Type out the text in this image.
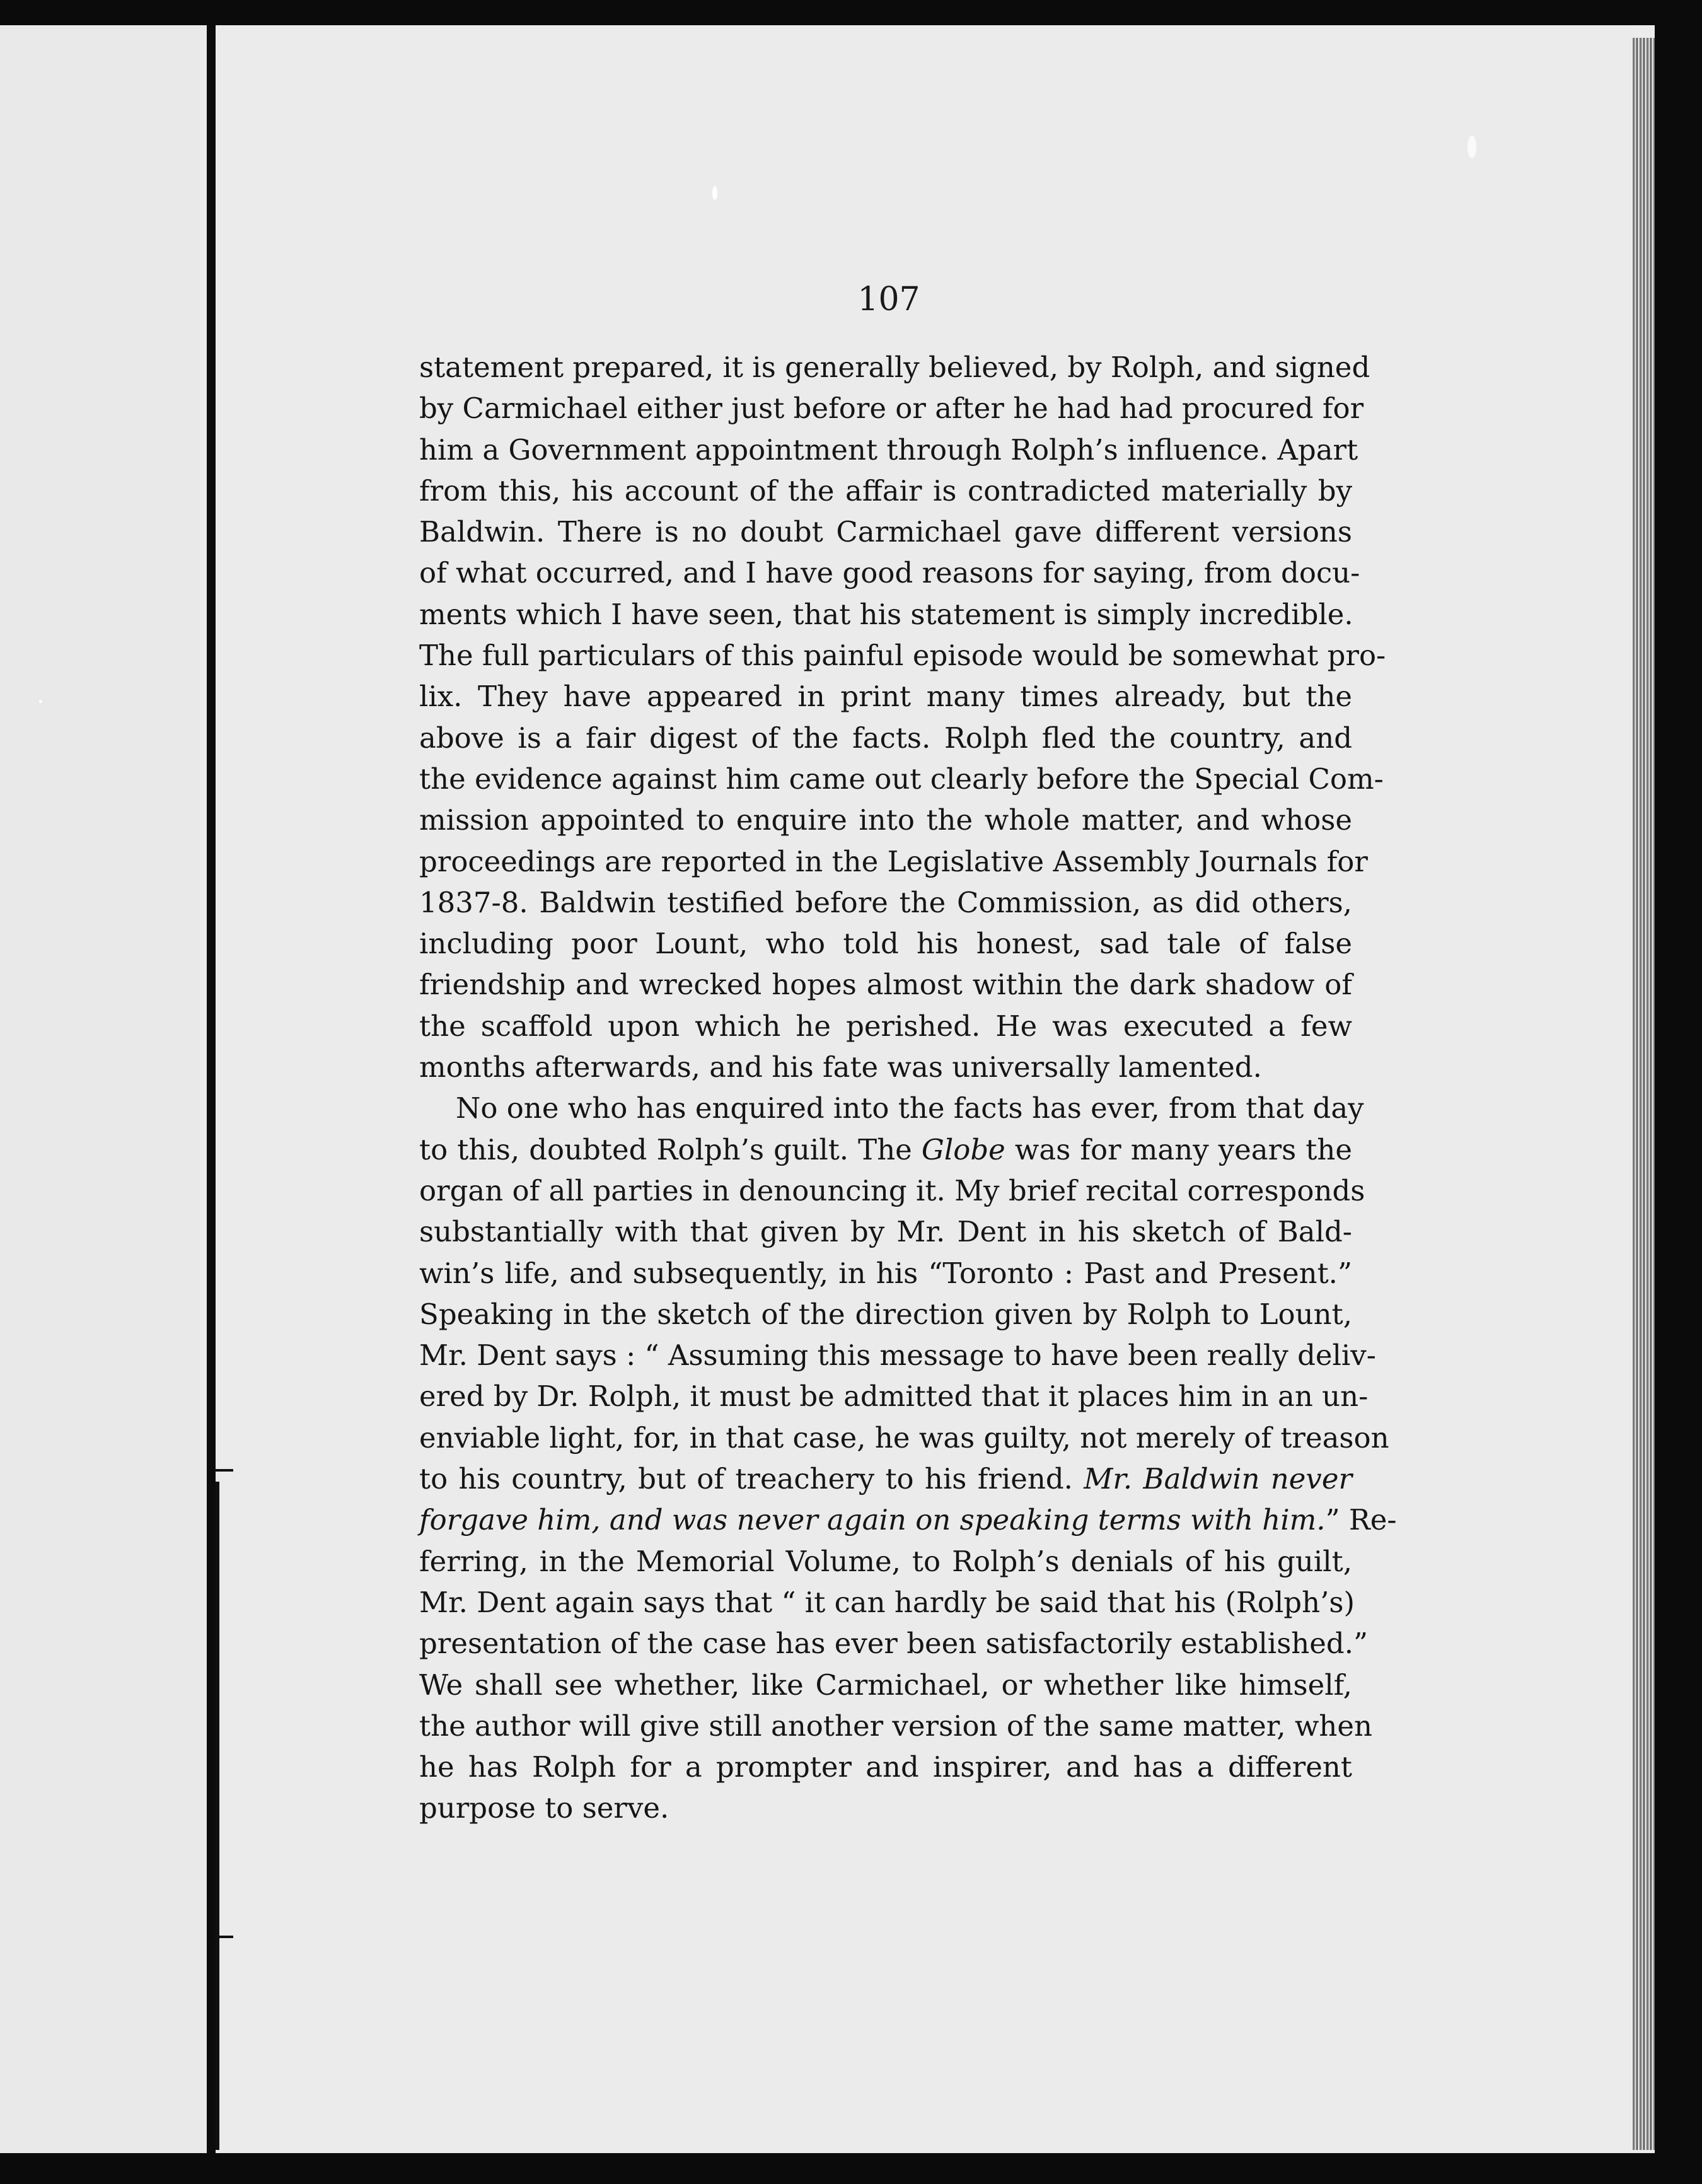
107
statement prepared, it is generally believed, by Rolph, and signed
by Carmichael either just before or after he had had procured for
him a Government appointment through Rolph’s influence. Apart
from this, his account of the affair is contradicted materially by
Baldwin. There is no doubt Carmichael gave different versions
of what occurred, and I have good reasons for saying, from docu-
ments which I have seen, that his statement is simply incredible.
The full particulars of this painful episode would be somewhat pro-
lix. They have appeared in print many times already, but the
above is a fair digest of the facts. Rolph fled the country, and
the evidence against him came out clearly before the Special Com-
mission appointed to enquire into the whole matter, and whose
proceedings are reported in the Legislative Assembly Journals for
1837-8. Baldwin testified before the Commission, as did others,
including poor Lount, who told his honest, sad tale of false
friendship and wrecked hopes almost within the dark shadow of
the scaffold upon which he perished. He was executed a few
months afterwards, and his fate was universally lamented.
No one who has enquired into the facts has ever, from that day
to this, doubted Rolph’s guilt. The Globe was for many years the
organ of all parties in denouncing it. My brief recital corresponds
substantially with that given by Mr. Dent in his sketch of Bald-
win’s life, and subsequently, in his “Toronto : Past and Present.”
Speaking in the sketch of the direction given by Rolph to Lount,
Mr. Dent says : “ Assuming this message to have been really deliv-
ered by Dr. Rolph, it must be admitted that it places him in an un-
enviable light, for, in that case, he was guilty, not merely of treason
to his country, but of treachery to his friend. Mr. Baldwin never
forgave him, and was never again on speaking terms with him.” Re-
ferring, in the Memorial Volume, to Rolph’s denials of his guilt,
Mr. Dent again says that “ it can hardly be said that his (Rolph’s)
presentation of the case has ever been satisfactorily established.”
We shall see whether, like Carmichael, or whether like himself,
the author will give still another version of the same matter, when
he has Rolph for a prompter and inspirer, and has a different
purpose to serve.
